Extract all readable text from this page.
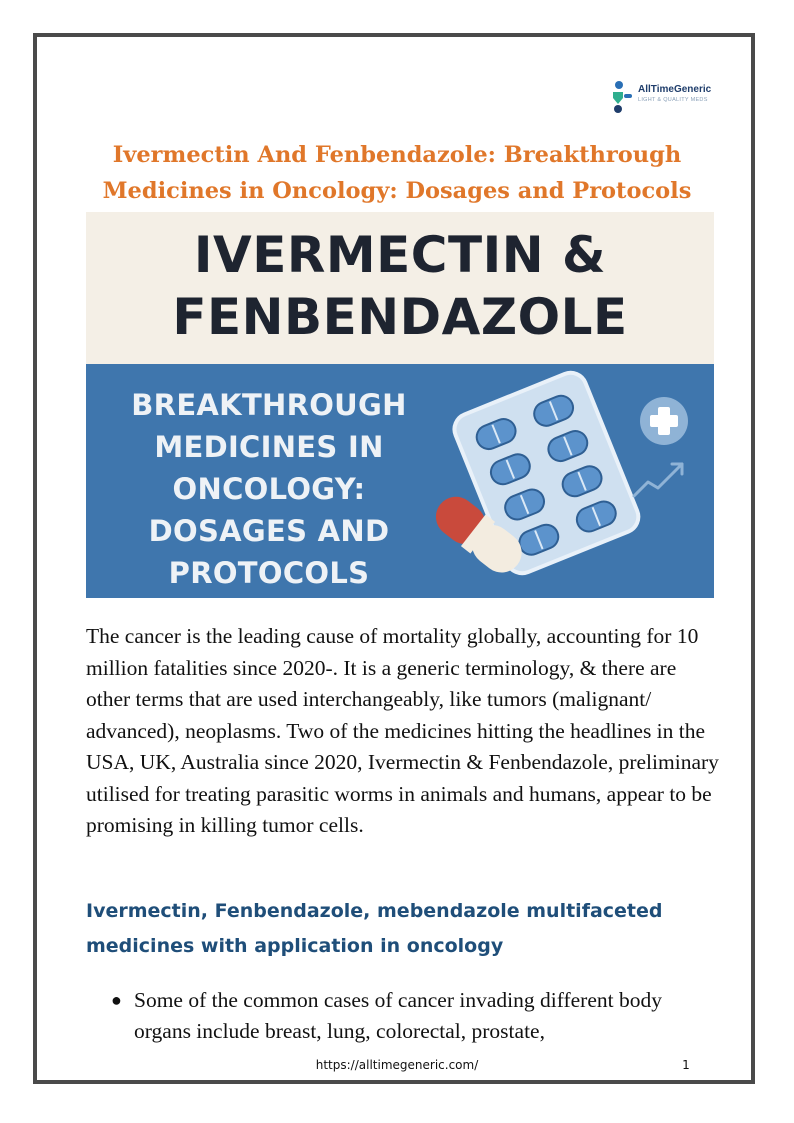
AllTimeGeneric
LIGHT & QUALITY MEDS
Ivermectin And Fenbendazole: Breakthrough Medicines in Oncology: Dosages and Protocols
IVERMECTIN &
FENBENDAZOLE
BREAKTHROUGH
MEDICINES IN
ONCOLOGY:
DOSAGES AND
PROTOCOLS

The cancer is the leading cause of mortality globally, accounting for 10 million fatalities since 2020-. It is a generic terminology, & there are other terms that are used interchangeably, like tumors (malignant/ advanced), neoplasms. Two of the medicines hitting the headlines in the USA, UK, Australia since 2020, Ivermectin & Fenbendazole, preliminary utilised for treating parasitic worms in animals and humans, appear to be promising in killing tumor cells.

Ivermectin, Fenbendazole, mebendazole multifaceted medicines with application in oncology
● Some of the common cases of cancer invading different body organs include breast, lung, colorectal, prostate,
https://alltimegeneric.com/	1
